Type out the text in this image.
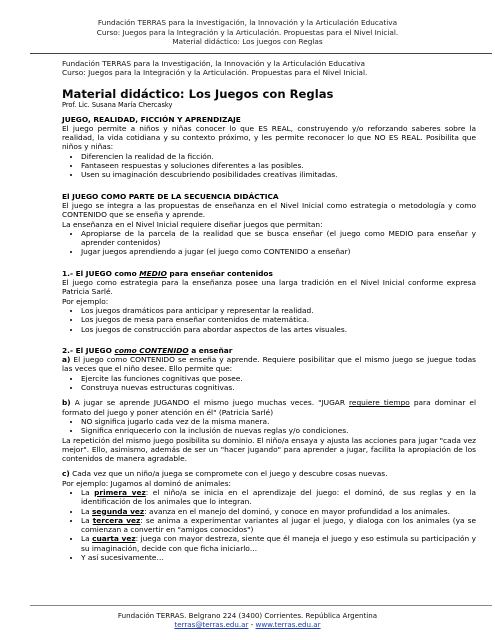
Fundación TERRAS para la Investigación, la Innovación y la Articulación Educativa
Curso: Juegos para la Integración y la Articulación. Propuestas para el Nivel Inicial.
Material didáctico: Los juegos con Reglas
Fundación TERRAS para la Investigación, la Innovación y la Articulación Educativa
Curso: Juegos para la Integración y la Articulación. Propuestas para el Nivel Inicial.
Material didáctico: Los Juegos con Reglas
Prof. Lic. Susana María Chercasky
JUEGO, REALIDAD, FICCIÓN Y APRENDIZAJE

El juego permite a niños y niñas conocer lo que ES REAL, construyendo y/o reforzando saberes sobre la realidad, la vida cotidiana y su contexto próximo, y les permite reconocer lo que NO ES REAL. Posibilita que niños y niñas:

• Diferencien la realidad de la ficción.
• Fantaseen respuestas y soluciones diferentes a las posibles.
• Usen su imaginación descubriendo posibilidades creativas ilimitadas.
El JUEGO COMO PARTE DE LA SECUENCIA DIDÁCTICA

El juego se integra a las propuestas de enseñanza en el Nivel Inicial como estrategia o metodología y como CONTENIDO que se enseña y aprende.

La enseñanza en el Nivel Inicial requiere diseñar juegos que permitan:

• Apropiarse de la parcela de la realidad que se busca enseñar (el juego como MEDIO para enseñar y aprender contenidos)
• Jugar juegos aprendiendo a jugar (el juego como CONTENIDO a enseñar)
1.- El JUEGO como MEDIO para enseñar contenidos

El juego como estrategia para la enseñanza posee una larga tradición en el Nivel Inicial conforme expresa Patricia Sarlé.

Por ejemplo:

• Los juegos dramáticos para anticipar y representar la realidad.
• Los juegos de mesa para enseñar contenidos de matemática.
• Los juegos de construcción para abordar aspectos de las artes visuales.
2.- El JUEGO como CONTENIDO a enseñar

a) El juego como CONTENIDO se enseña y aprende. Requiere posibilitar que el mismo juego se juegue todas las veces que el niño desee. Ello permite que:

• Ejercite las funciones cognitivas que posee.
• Construya nuevas estructuras cognitivas.

b) A jugar se aprende JUGANDO el mismo juego muchas veces. "JUGAR requiere tiempo para dominar el formato del juego y poner atención en él" (Patricia Sarlé)

• NO significa jugarlo cada vez de la misma manera.
• Significa enriquecerlo con la inclusión de nuevas reglas y/o condiciones.

La repetición del mismo juego posibilita su dominio. El niño/a ensaya y ajusta las acciones para jugar "cada vez mejor". Ello, asimismo, además de ser un "hacer jugando" para aprender a jugar, facilita la apropiación de los contenidos de manera agradable.

c) Cada vez que un niño/a juega se compromete con el juego y descubre cosas nuevas.

Por ejemplo: Jugamos al dominó de animales:

• La primera vez: el niño/a se inicia en el aprendizaje del juego: el dominó, de sus reglas y en la identificación de los animales que lo integran.
• La segunda vez: avanza en el manejo del dominó, y conoce en mayor profundidad a los animales.
• La tercera vez: se anima a experimentar variantes al jugar el juego, y dialoga con los animales (ya se comienzan a convertir en "amigos conocidos")
• La cuarta vez: juega con mayor destreza, siente que él maneja el juego y eso estimula su participación y su imaginación, decide con que ficha iniciarlo…
• Y así sucesivamente…
Fundación TERRAS. Belgrano 224 (3400) Corrientes. República Argentina
terras@terras.edu.ar - www.terras.edu.ar
